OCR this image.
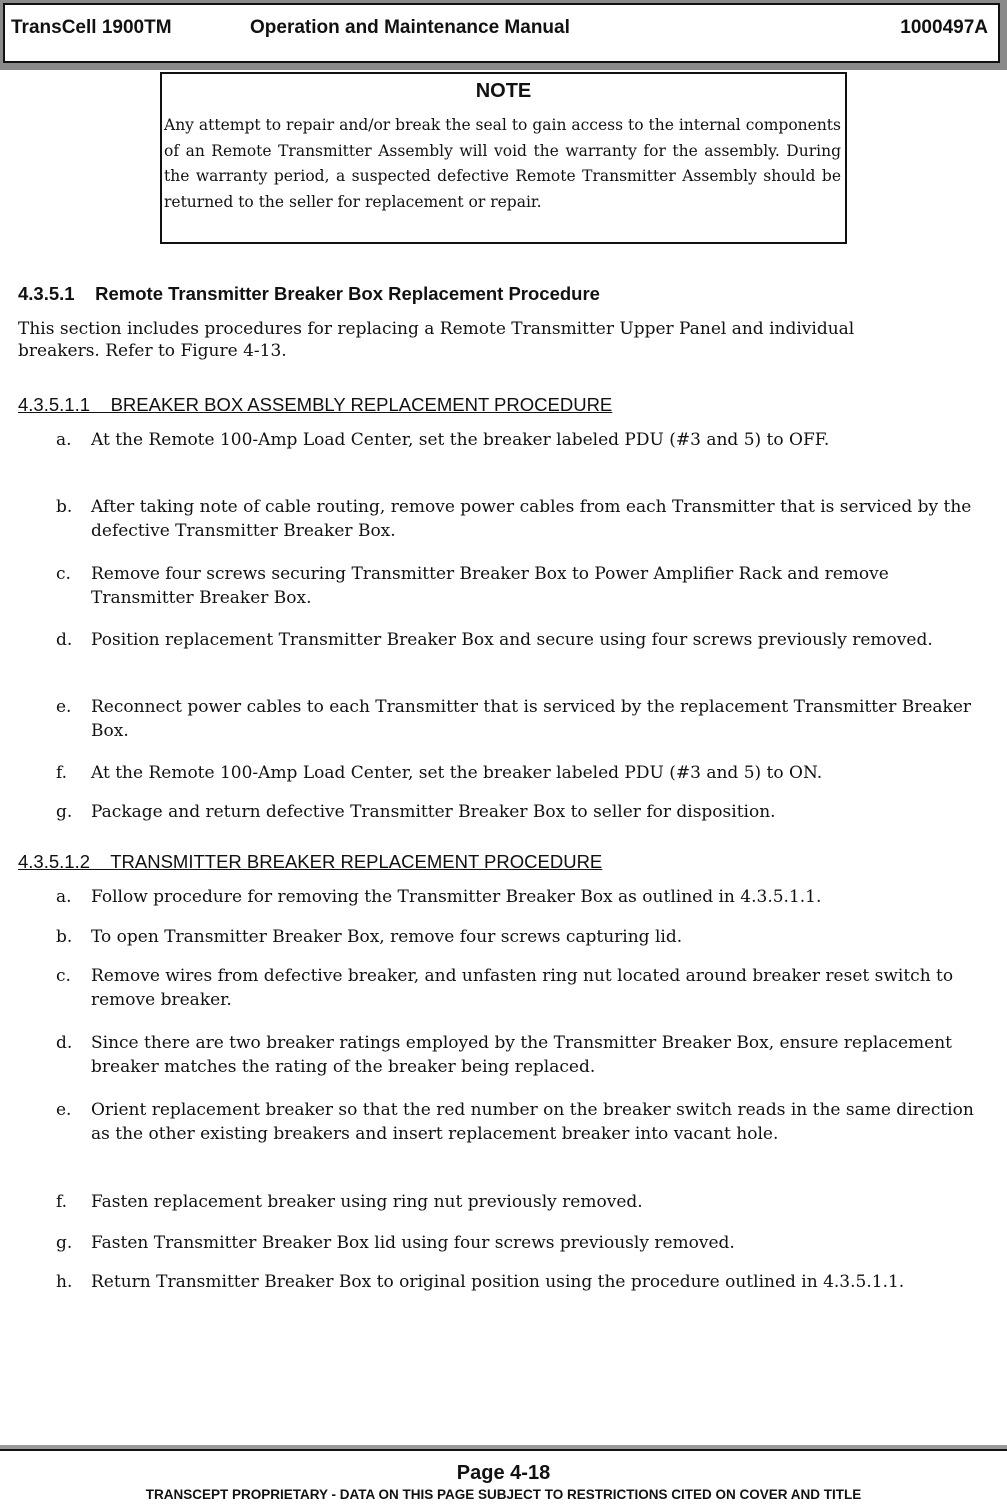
TransCell 1900TM	Operation and Maintenance Manual	1000497A
NOTE
Any attempt to repair and/or break the seal to gain access to the internal components of an Remote Transmitter Assembly will void the warranty for the assembly. During the warranty period, a suspected defective Remote Transmitter Assembly should be returned to the seller for replacement or repair.
4.3.5.1    Remote Transmitter Breaker Box Replacement Procedure
This section includes procedures for replacing a Remote Transmitter Upper Panel and individual breakers. Refer to Figure 4-13.
4.3.5.1.1    BREAKER BOX ASSEMBLY REPLACEMENT PROCEDURE
a. At the Remote 100-Amp Load Center, set the breaker labeled PDU (#3 and 5) to OFF.
b. After taking note of cable routing, remove power cables from each Transmitter that is serviced by the defective Transmitter Breaker Box.
c. Remove four screws securing Transmitter Breaker Box to Power Amplifier Rack and remove Transmitter Breaker Box.
d. Position replacement Transmitter Breaker Box and secure using four screws previously removed.
e. Reconnect power cables to each Transmitter that is serviced by the replacement Transmitter Breaker Box.
f. At the Remote 100-Amp Load Center, set the breaker labeled PDU (#3 and 5) to ON.
g. Package and return defective Transmitter Breaker Box to seller for disposition.
4.3.5.1.2    TRANSMITTER BREAKER REPLACEMENT PROCEDURE
a. Follow procedure for removing the Transmitter Breaker Box as outlined in 4.3.5.1.1.
b. To open Transmitter Breaker Box, remove four screws capturing lid.
c. Remove wires from defective breaker, and unfasten ring nut located around breaker reset switch to remove breaker.
d. Since there are two breaker ratings employed by the Transmitter Breaker Box, ensure replacement breaker matches the rating of the breaker being replaced.
e. Orient replacement breaker so that the red number on the breaker switch reads in the same direction as the other existing breakers and insert replacement breaker into vacant hole.
f. Fasten replacement breaker using ring nut previously removed.
g. Fasten Transmitter Breaker Box lid using four screws previously removed.
h. Return Transmitter Breaker Box to original position using the procedure outlined in 4.3.5.1.1.
Page 4-18
TRANSCEPT PROPRIETARY - DATA ON THIS PAGE SUBJECT TO RESTRICTIONS CITED ON COVER AND TITLE
